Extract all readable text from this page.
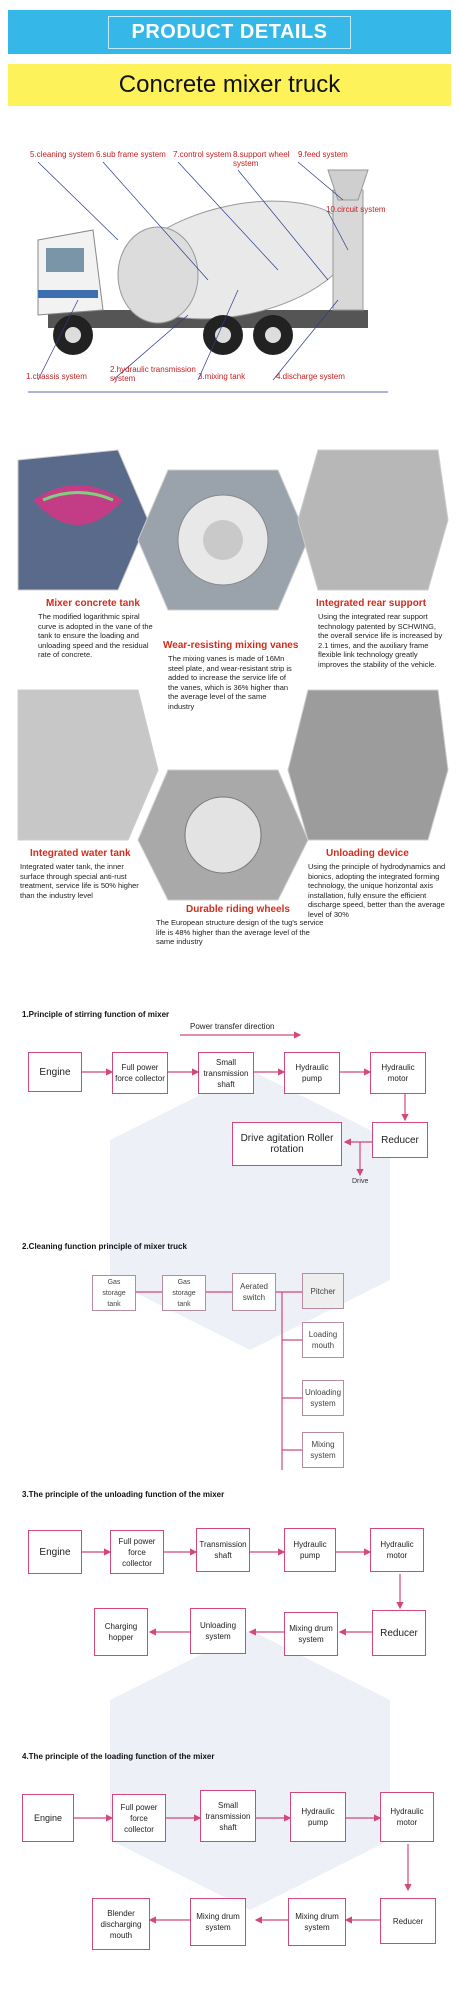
PRODUCT DETAILS
Concrete mixer truck
5.cleaning system 6.sub frame system 7.control system 8.support wheel
system
9.feed system
10.circuit system
1.chassis system
2.hydraulic transmission
system	3.mixing tank	4.discharge system
Mixer concrete tank
The modified logarithmic spiral curve is adopted in the vane of the tank to ensure the loading and unloading speed and the residual rate of concrete.
Integrated rear support
Using the integrated rear support technology patented by SCHWING, the overall service life is increased by 2.1 times, and the auxiliary frame flexible link technology greatly improves the stability of the vehicle.
Wear-resisting mixing vanes
The mixing vanes is made of 16Mn steel plate, and wear-resistant strip is added to increase the service life of the vanes, which is 36% higher than the average level of the same industry
Integrated water tank
Integrated water tank, the inner surface through special anti-rust treatment, service life is 50% higher than the industry level
Unloading device
Using the principle of hydrodynamics and bionics, adopting the integrated forming technology, the unique horizontal axis installation, fully ensure the efficient discharge speed, better than the average level of 30%
Durable riding wheels
The European structure design of the tug's service life is 48% higher than the average level of the same industry
1.Principle of stirring function of mixer
Power transfer direction
Engine	Full power force collector
Small transmission shaft
Hydraulic pump
Hydraulic motor
Reducer
Drive agitation Roller rotation
Drive
2.Cleaning function principle of mixer truck
Gas storage tank
Gas storage tank
Aerated switch
Pitcher
Loading mouth
Unloading system
Mixing system
3.The principle of the unloading function of the mixer
Engine
Full power force collector
Transmission shaft
Hydraulic pump
Hydraulic motor
Reducer
Mixing drum system
Unloading system
Charging hopper
4.The principle of the loading function of the mixer
Engine
Full power force collector
Small transmission shaft
Hydraulic pump
Hydraulic motor
Reducer
Mixing drum system
Mixing drum system
Blender discharging mouth
